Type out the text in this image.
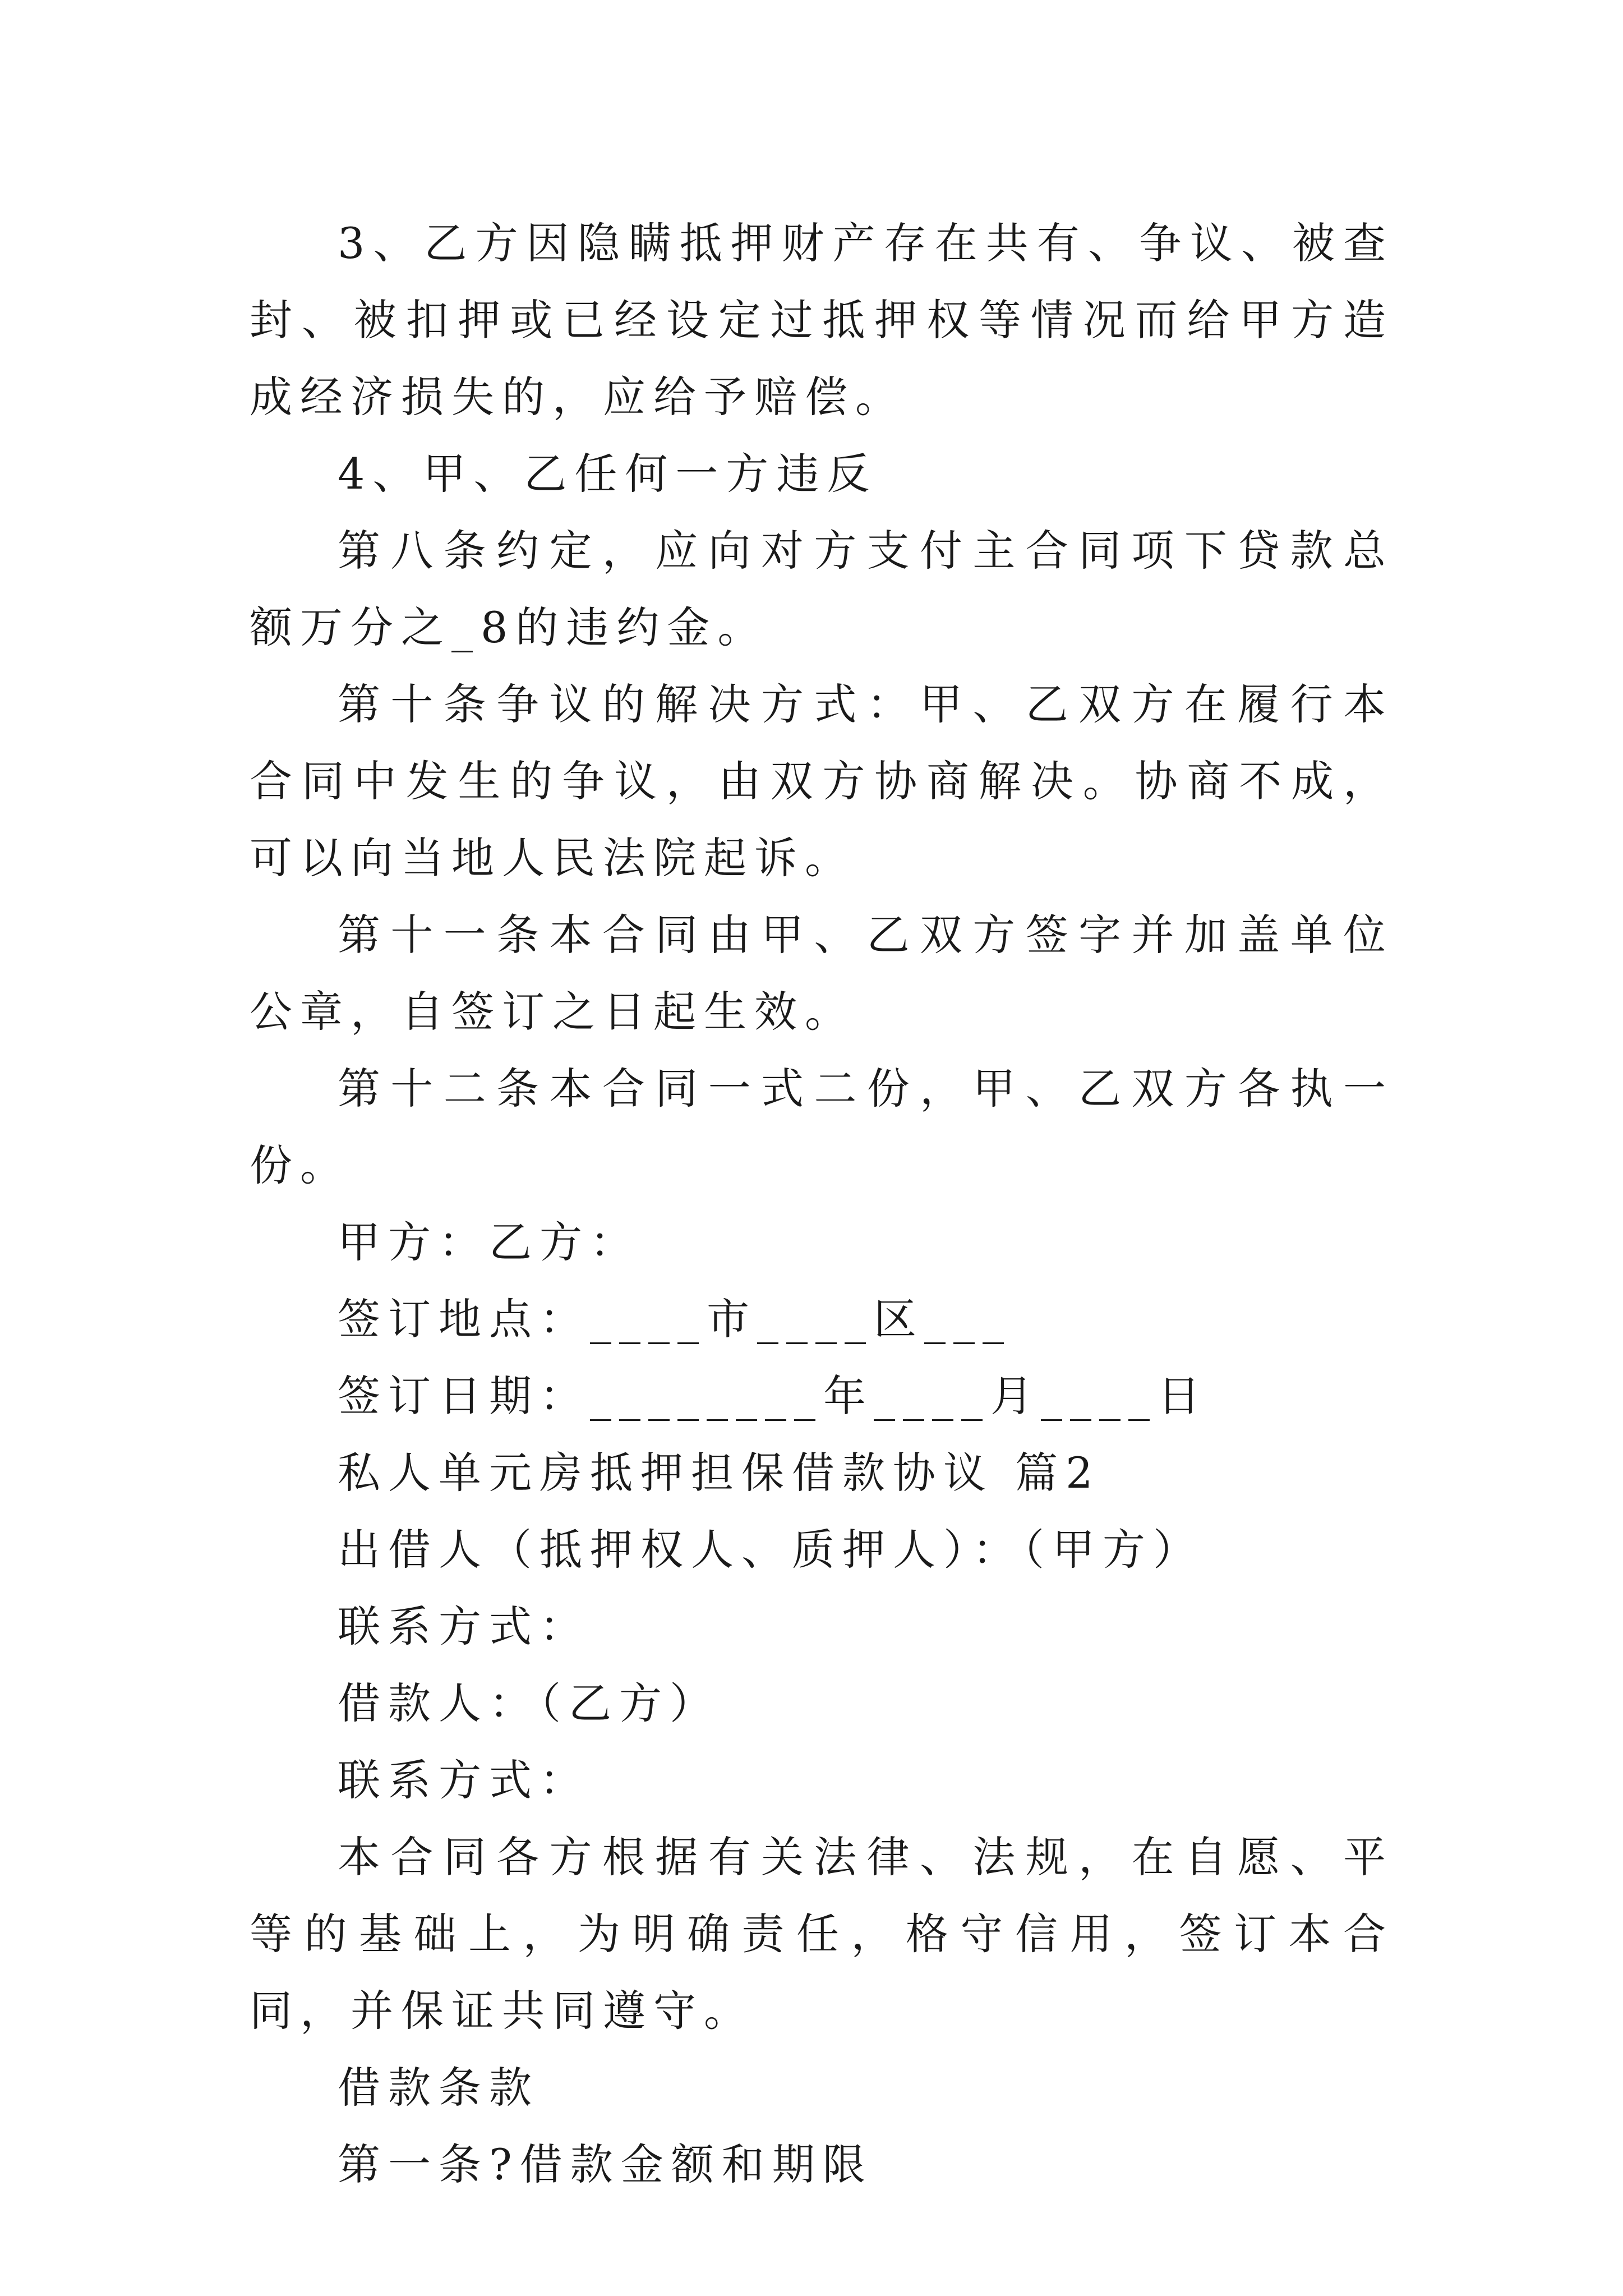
3、乙方因隐瞒抵押财产存在共有、争议、被查封、被扣押或已经设定过抵押权等情况而给甲方造成经济损失的，应给予赔偿。

4、甲、乙任何一方违反

第八条约定，应向对方支付主合同项下贷款总额万分之_8的违约金。

第十条争议的解决方式：甲、乙双方在履行本合同中发生的争议，由双方协商解决。协商不成，可以向当地人民法院起诉。

第十一条本合同由甲、乙双方签字并加盖单位公章，自签订之日起生效。

第十二条本合同一式二份，甲、乙双方各执一份。

甲方：乙方：

签订地点：____市____区___

签订日期：________年____月____日

私人单元房抵押担保借款协议 篇2

出借人（抵押权人、质押人）：（甲方）

联系方式：

借款人：（乙方）

联系方式：

本合同各方根据有关法律、法规，在自愿、平等的基础上，为明确责任，格守信用，签订本合同，并保证共同遵守。

借款条款

第一条?借款金额和期限
